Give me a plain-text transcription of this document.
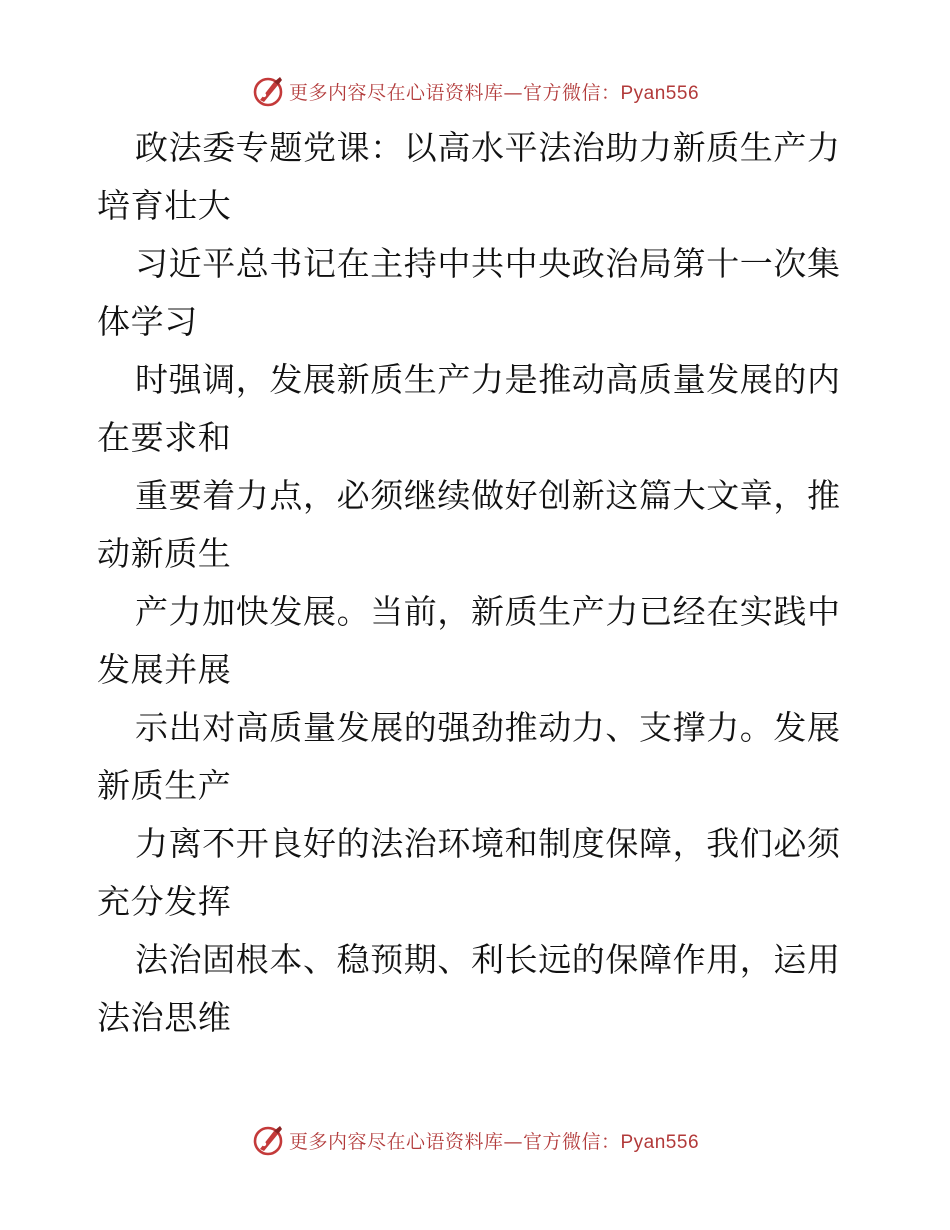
更多内容尽在心语资料库—官方微信：Pyan556

政法委专题党课：以高水平法治助力新质生产力培育壮大

习近平总书记在主持中共中央政治局第十一次集体学习

时强调，发展新质生产力是推动高质量发展的内在要求和

重要着力点，必须继续做好创新这篇大文章，推动新质生

产力加快发展。当前，新质生产力已经在实践中发展并展

示出对高质量发展的强劲推动力、支撑力。发展新质生产

力离不开良好的法治环境和制度保障，我们必须充分发挥

法治固根本、稳预期、利长远的保障作用，运用法治思维

更多内容尽在心语资料库—官方微信：Pyan556
